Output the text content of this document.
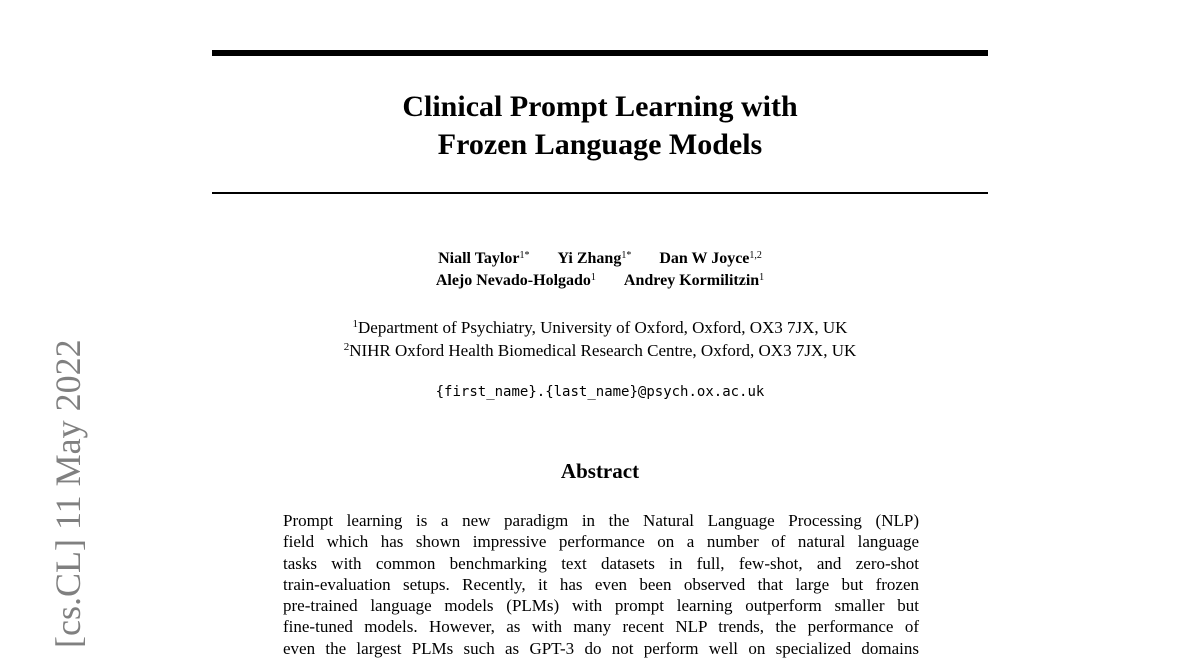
[cs.CL] 11 May 2022
Clinical Prompt Learning with
Frozen Language Models
Niall Taylor$^{1*}$ Yi Zhang$^{1*}$ Dan W Joyce$^{1,2}$
Alejo Nevado-Holgado$^1$ Andrey Kormilitzin$^1$
$^1$Department of Psychiatry, University of Oxford, Oxford, OX3 7JX, UK
$^2$NIHR Oxford Health Biomedical Research Centre, Oxford, OX3 7JX, UK
{first_name}.{last_name}@psych.ox.ac.uk
Abstract
Prompt learning is a new paradigm in the Natural Language Processing (NLP)
field which has shown impressive performance on a number of natural language
tasks with common benchmarking text datasets in full, few-shot, and zero-shot
train-evaluation setups. Recently, it has even been observed that large but frozen
pre-trained language models (PLMs) with prompt learning outperform smaller but
fine-tuned models. However, as with many recent NLP trends, the performance of
even the largest PLMs such as GPT-3 do not perform well on specialized domains
